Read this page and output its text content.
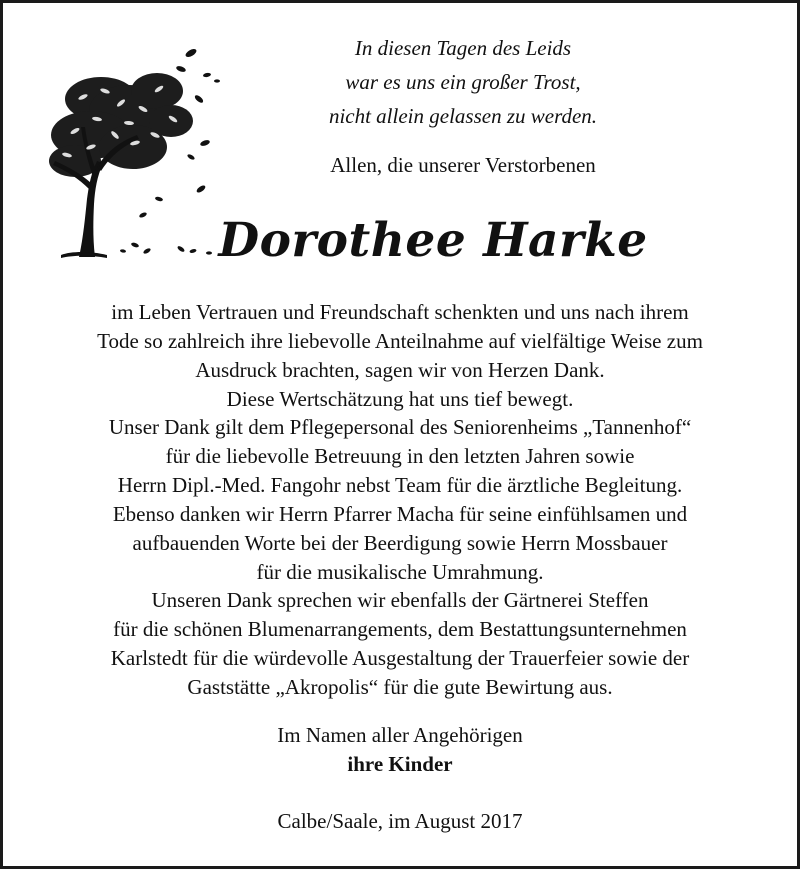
In diesen Tagen des Leids

war es uns ein großer Trost,

nicht allein gelassen zu werden.

Allen, die unserer Verstorbenen

Dorothee Harke

im Leben Vertrauen und Freundschaft schenkten und uns nach ihrem

Tode so zahlreich ihre liebevolle Anteilnahme auf vielfältige Weise zum

Ausdruck brachten, sagen wir von Herzen Dank.

Diese Wertschätzung hat uns tief bewegt.

Unser Dank gilt dem Pflegepersonal des Seniorenheims „Tannenhof“

für die liebevolle Betreuung in den letzten Jahren sowie

Herrn Dipl.-Med. Fangohr nebst Team für die ärztliche Begleitung.

Ebenso danken wir Herrn Pfarrer Macha für seine einfühlsamen und

aufbauenden Worte bei der Beerdigung sowie Herrn Mossbauer

für die musikalische Umrahmung.

Unseren Dank sprechen wir ebenfalls der Gärtnerei Steffen

für die schönen Blumenarrangements, dem Bestattungsunternehmen

Karlstedt für die würdevolle Ausgestaltung der Trauerfeier sowie der

Gaststätte „Akropolis“ für die gute Bewirtung aus.

Im Namen aller Angehörigen

ihre Kinder

Calbe/Saale, im August 2017
